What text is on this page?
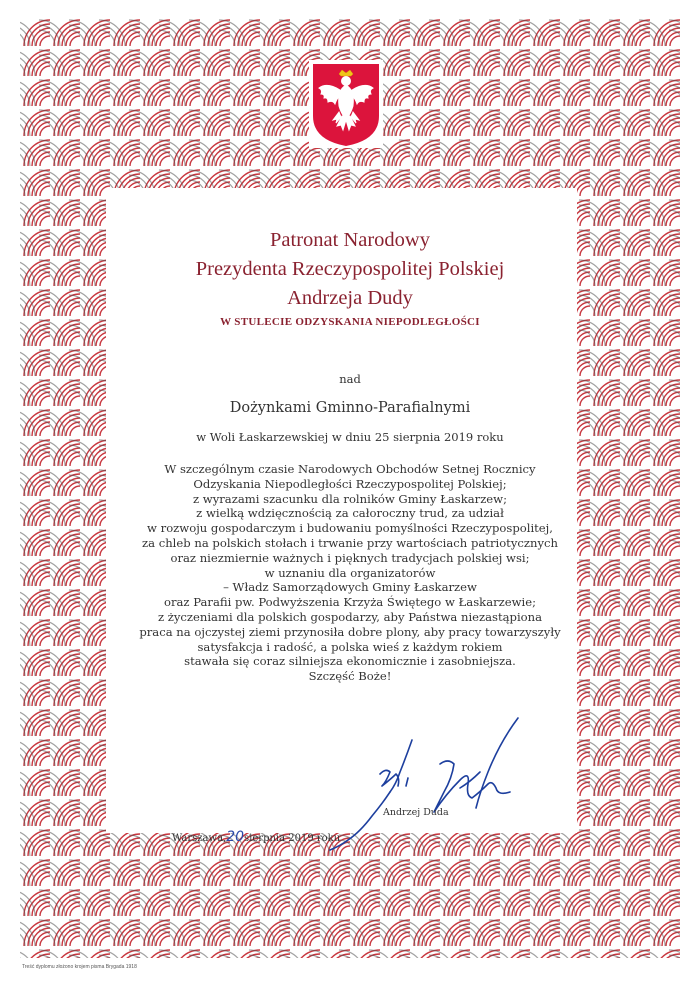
Patronat Narodowy
Prezydenta Rzeczypospolitej Polskiej
Andrzeja Dudy
W STULECIE ODZYSKANIA NIEPODLEGŁOŚCI
nad
Dożynkami Gminno-Parafialnymi
w Woli Łaskarzewskiej w dniu 25 sierpnia 2019 roku
W szczególnym czasie Narodowych Obchodów Setnej Rocznicy
Odzyskania Niepodległości Rzeczypospolitej Polskiej;
z wyrazami szacunku dla rolników Gminy Łaskarzew;
z wielką wdzięcznością za całoroczny trud, za udział
w rozwoju gospodarczym i budowaniu pomyślności Rzeczypospolitej,
za chleb na polskich stołach i trwanie przy wartościach patriotycznych
oraz niezmiernie ważnych i pięknych tradycjach polskiej wsi;
w uznaniu dla organizatorów
– Władz Samorządowych Gminy Łaskarzew
oraz Parafii pw. Podwyższenia Krzyża Świętego w Łaskarzewie;
z życzeniami dla polskich gospodarzy, aby Państwa niezastąpiona
praca na ojczystej ziemi przynosiła dobre plony, aby pracy towarzyszyły
satysfakcja i radość, a polska wieś z każdym rokiem
stawała się coraz silniejsza ekonomicznie i zasobniejsza.
Szczęść Boże!
Andrzej Duda
Warszawa,20sierpnia 2019 roku
Treść dyplomu złożono krojem pisma Brygada 1918
